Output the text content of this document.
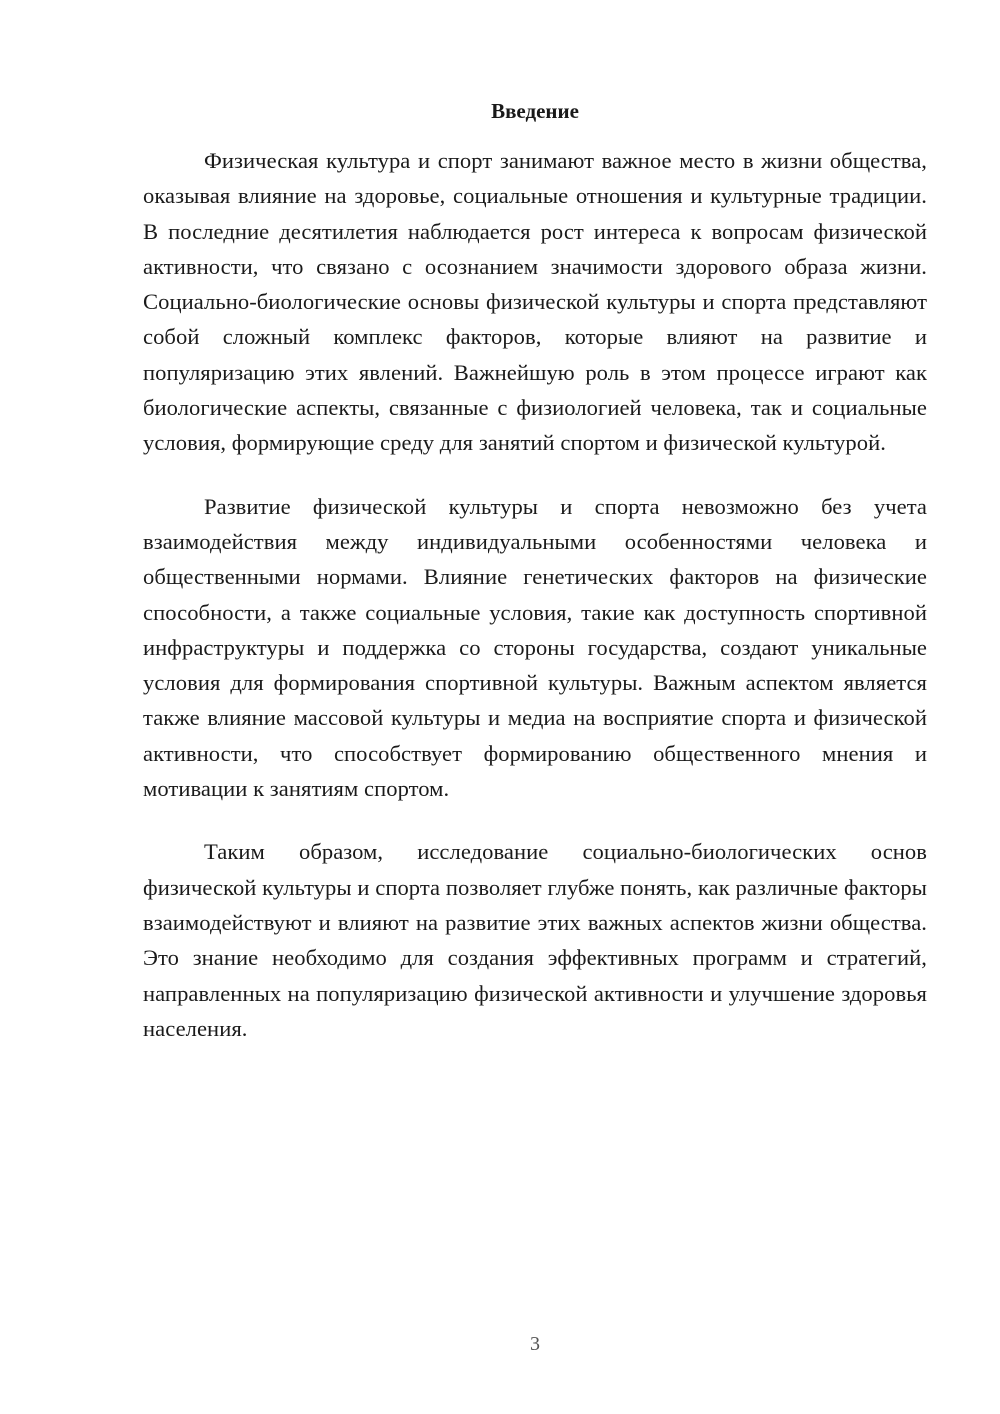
Введение

Физическая культура и спорт занимают важное место в жизни общества, оказывая влияние на здоровье, социальные отношения и культурные традиции. В последние десятилетия наблюдается рост интереса к вопросам физической активности, что связано с осознанием значимости здорового образа жизни. Социально-биологические основы физической культуры и спорта представляют собой сложный комплекс факторов, которые влияют на развитие и популяризацию этих явлений. Важнейшую роль в этом процессе играют как биологические аспекты, связанные с физиологией человека, так и социальные условия, формирующие среду для занятий спортом и физической культурой.

Развитие физической культуры и спорта невозможно без учета взаимодействия между индивидуальными особенностями человека и общественными нормами. Влияние генетических факторов на физические способности, а также социальные условия, такие как доступность спортивной инфраструктуры и поддержка со стороны государства, создают уникальные условия для формирования спортивной культуры. Важным аспектом является также влияние массовой культуры и медиа на восприятие спорта и физической активности, что способствует формированию общественного мнения и мотивации к занятиям спортом.

Таким образом, исследование социально-биологических основ физической культуры и спорта позволяет глубже понять, как различные факторы взаимодействуют и влияют на развитие этих важных аспектов жизни общества. Это знание необходимо для создания эффективных программ и стратегий, направленных на популяризацию физической активности и улучшение здоровья населения.

3
